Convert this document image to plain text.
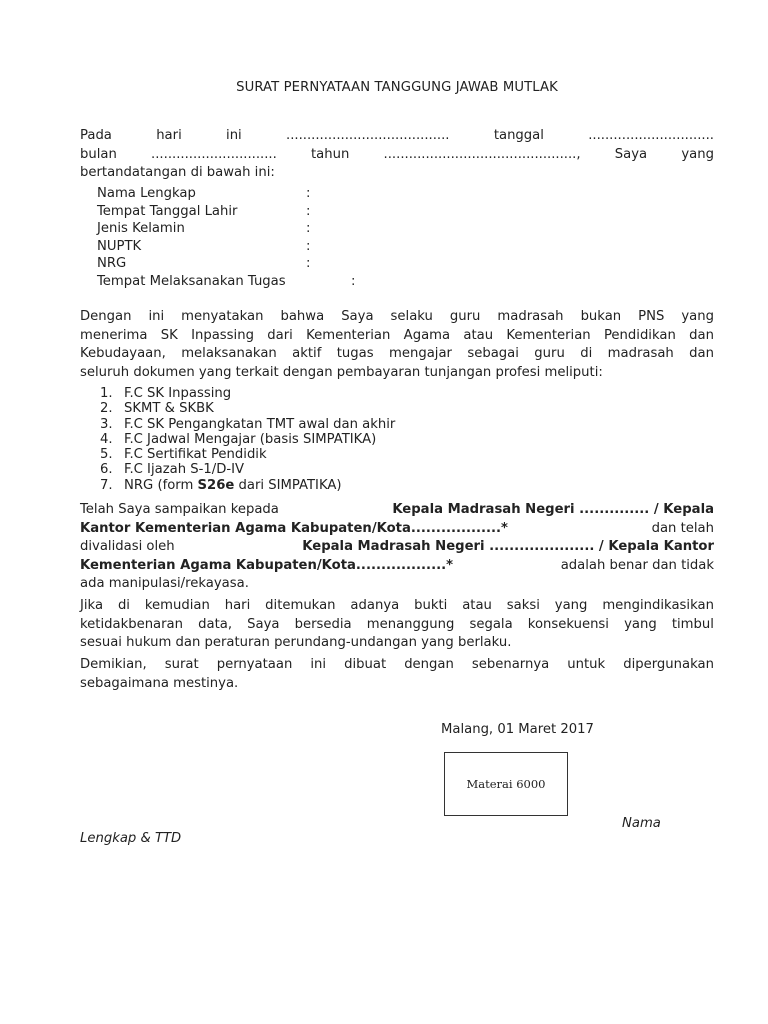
SURAT PERNYATAAN TANGGUNG JAWAB MUTLAK
Pada	hari	ini	.......................................	tanggal	..............................
bulan	..............................	tahun	..............................................,	Saya	yang
bertandatangan di bawah ini:
Nama Lengkap	:
Tempat Tanggal Lahir	:
Jenis Kelamin	:
NUPTK	:
NRG	:
Tempat Melaksanakan Tugas	:
Dengan ini menyatakan bahwa Saya selaku guru madrasah bukan PNS yang
menerima SK Inpassing dari Kementerian Agama atau Kementerian Pendidikan dan
Kebudayaan, melaksanakan aktif tugas mengajar sebagai guru di madrasah dan
seluruh dokumen yang terkait dengan pembayaran tunjangan profesi meliputi:
1. F.C SK Inpassing
2. SKMT & SKBK
3. F.C SK Pengangkatan TMT awal dan akhir
4. F.C Jadwal Mengajar (basis SIMPATIKA)
5. F.C Sertifikat Pendidik
6. F.C Ijazah S-1/D-IV
7. NRG (form S26e dari SIMPATIKA)
Telah Saya sampaikan kepada	Kepala Madrasah Negeri .............. / Kepala
Kantor Kementerian Agama Kabupaten/Kota..................*	dan telah
divalidasi oleh	Kepala Madrasah Negeri ..................... / Kepala Kantor
Kementerian Agama Kabupaten/Kota..................*	adalah benar dan tidak
ada manipulasi/rekayasa.
Jika di kemudian hari ditemukan adanya bukti atau saksi yang mengindikasikan
ketidakbenaran data, Saya bersedia menanggung segala konsekuensi yang timbul
sesuai hukum dan peraturan perundang-undangan yang berlaku.
Demikian, surat pernyataan ini dibuat dengan sebenarnya untuk dipergunakan
sebagaimana mestinya.
Malang, 01 Maret 2017
Materai 6000
Nama
Lengkap & TTD
